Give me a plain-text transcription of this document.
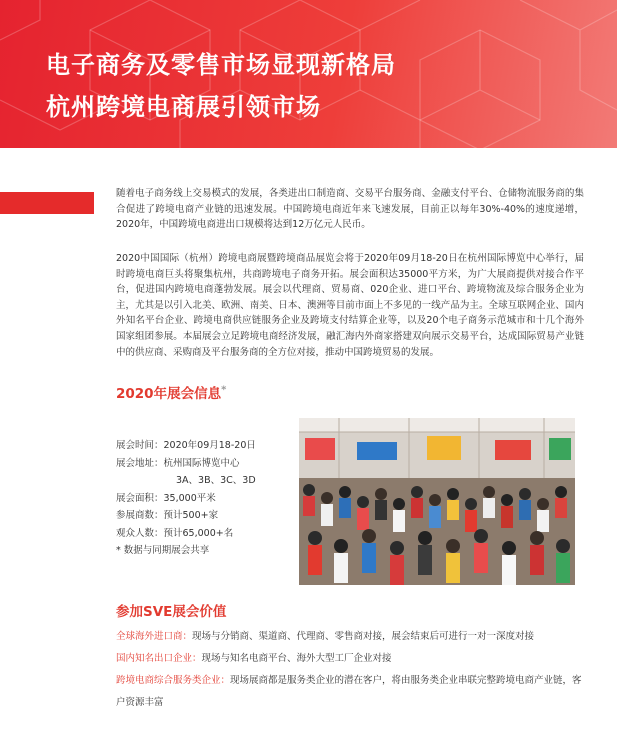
电子商务及零售市场显现新格局
杭州跨境电商展引领市场

随着电子商务线上交易模式的发展，各类进出口制造商、交易平台服务商、金融支付平台、仓储物流服务商的集合促进了跨境电商产业链的迅速发展。中国跨境电商近年来飞速发展，目前正以每年30%-40%的速度递增，2020年，中国跨境电商进出口规模将达到12万亿元人民币。

2020中国国际（杭州）跨境电商展暨跨境商品展览会将于2020年09月18-20日在杭州国际博览中心举行，届时跨境电商巨头将聚集杭州，共商跨境电子商务开拓。展会面积达35000平方米，为广大展商提供对接合作平台，促进国内跨境电商蓬勃发展。展会以代理商、贸易商、020企业、进口平台、跨境物流及综合服务企业为主，尤其是以引入北美、欧洲、南美、日本、澳洲等目前市面上不多见的一线产品为主。全球互联网企业、国内外知名平台企业、跨境电商供应链服务企业及跨境支付结算企业等，以及20个电子商务示范城市和十几个海外国家组团参展。本届展会立足跨境电商经济发展，融汇海内外商家搭建双向展示交易平台，达成国际贸易产业链中的供应商、采购商及平台服务商的全方位对接，推动中国跨境贸易的发展。

2020年展会信息*
展会时间：2020年09月18-20日
展会地址：杭州国际博览中心
3A、3B、3C、3D
展会面积：35,000平米
参展商数：预计500+家
观众人数：预计65,000+名
* 数据与同期展会共享
参加SVE展会价值

全球海外进口商：现场与分销商、渠道商、代理商、零售商对接，展会结束后可进行一对一深度对接

国内知名出口企业：现场与知名电商平台、海外大型工厂企业对接

跨境电商综合服务类企业：现场展商都是服务类企业的潜在客户，将由服务类企业串联完整跨境电商产业链，客户资源丰富
